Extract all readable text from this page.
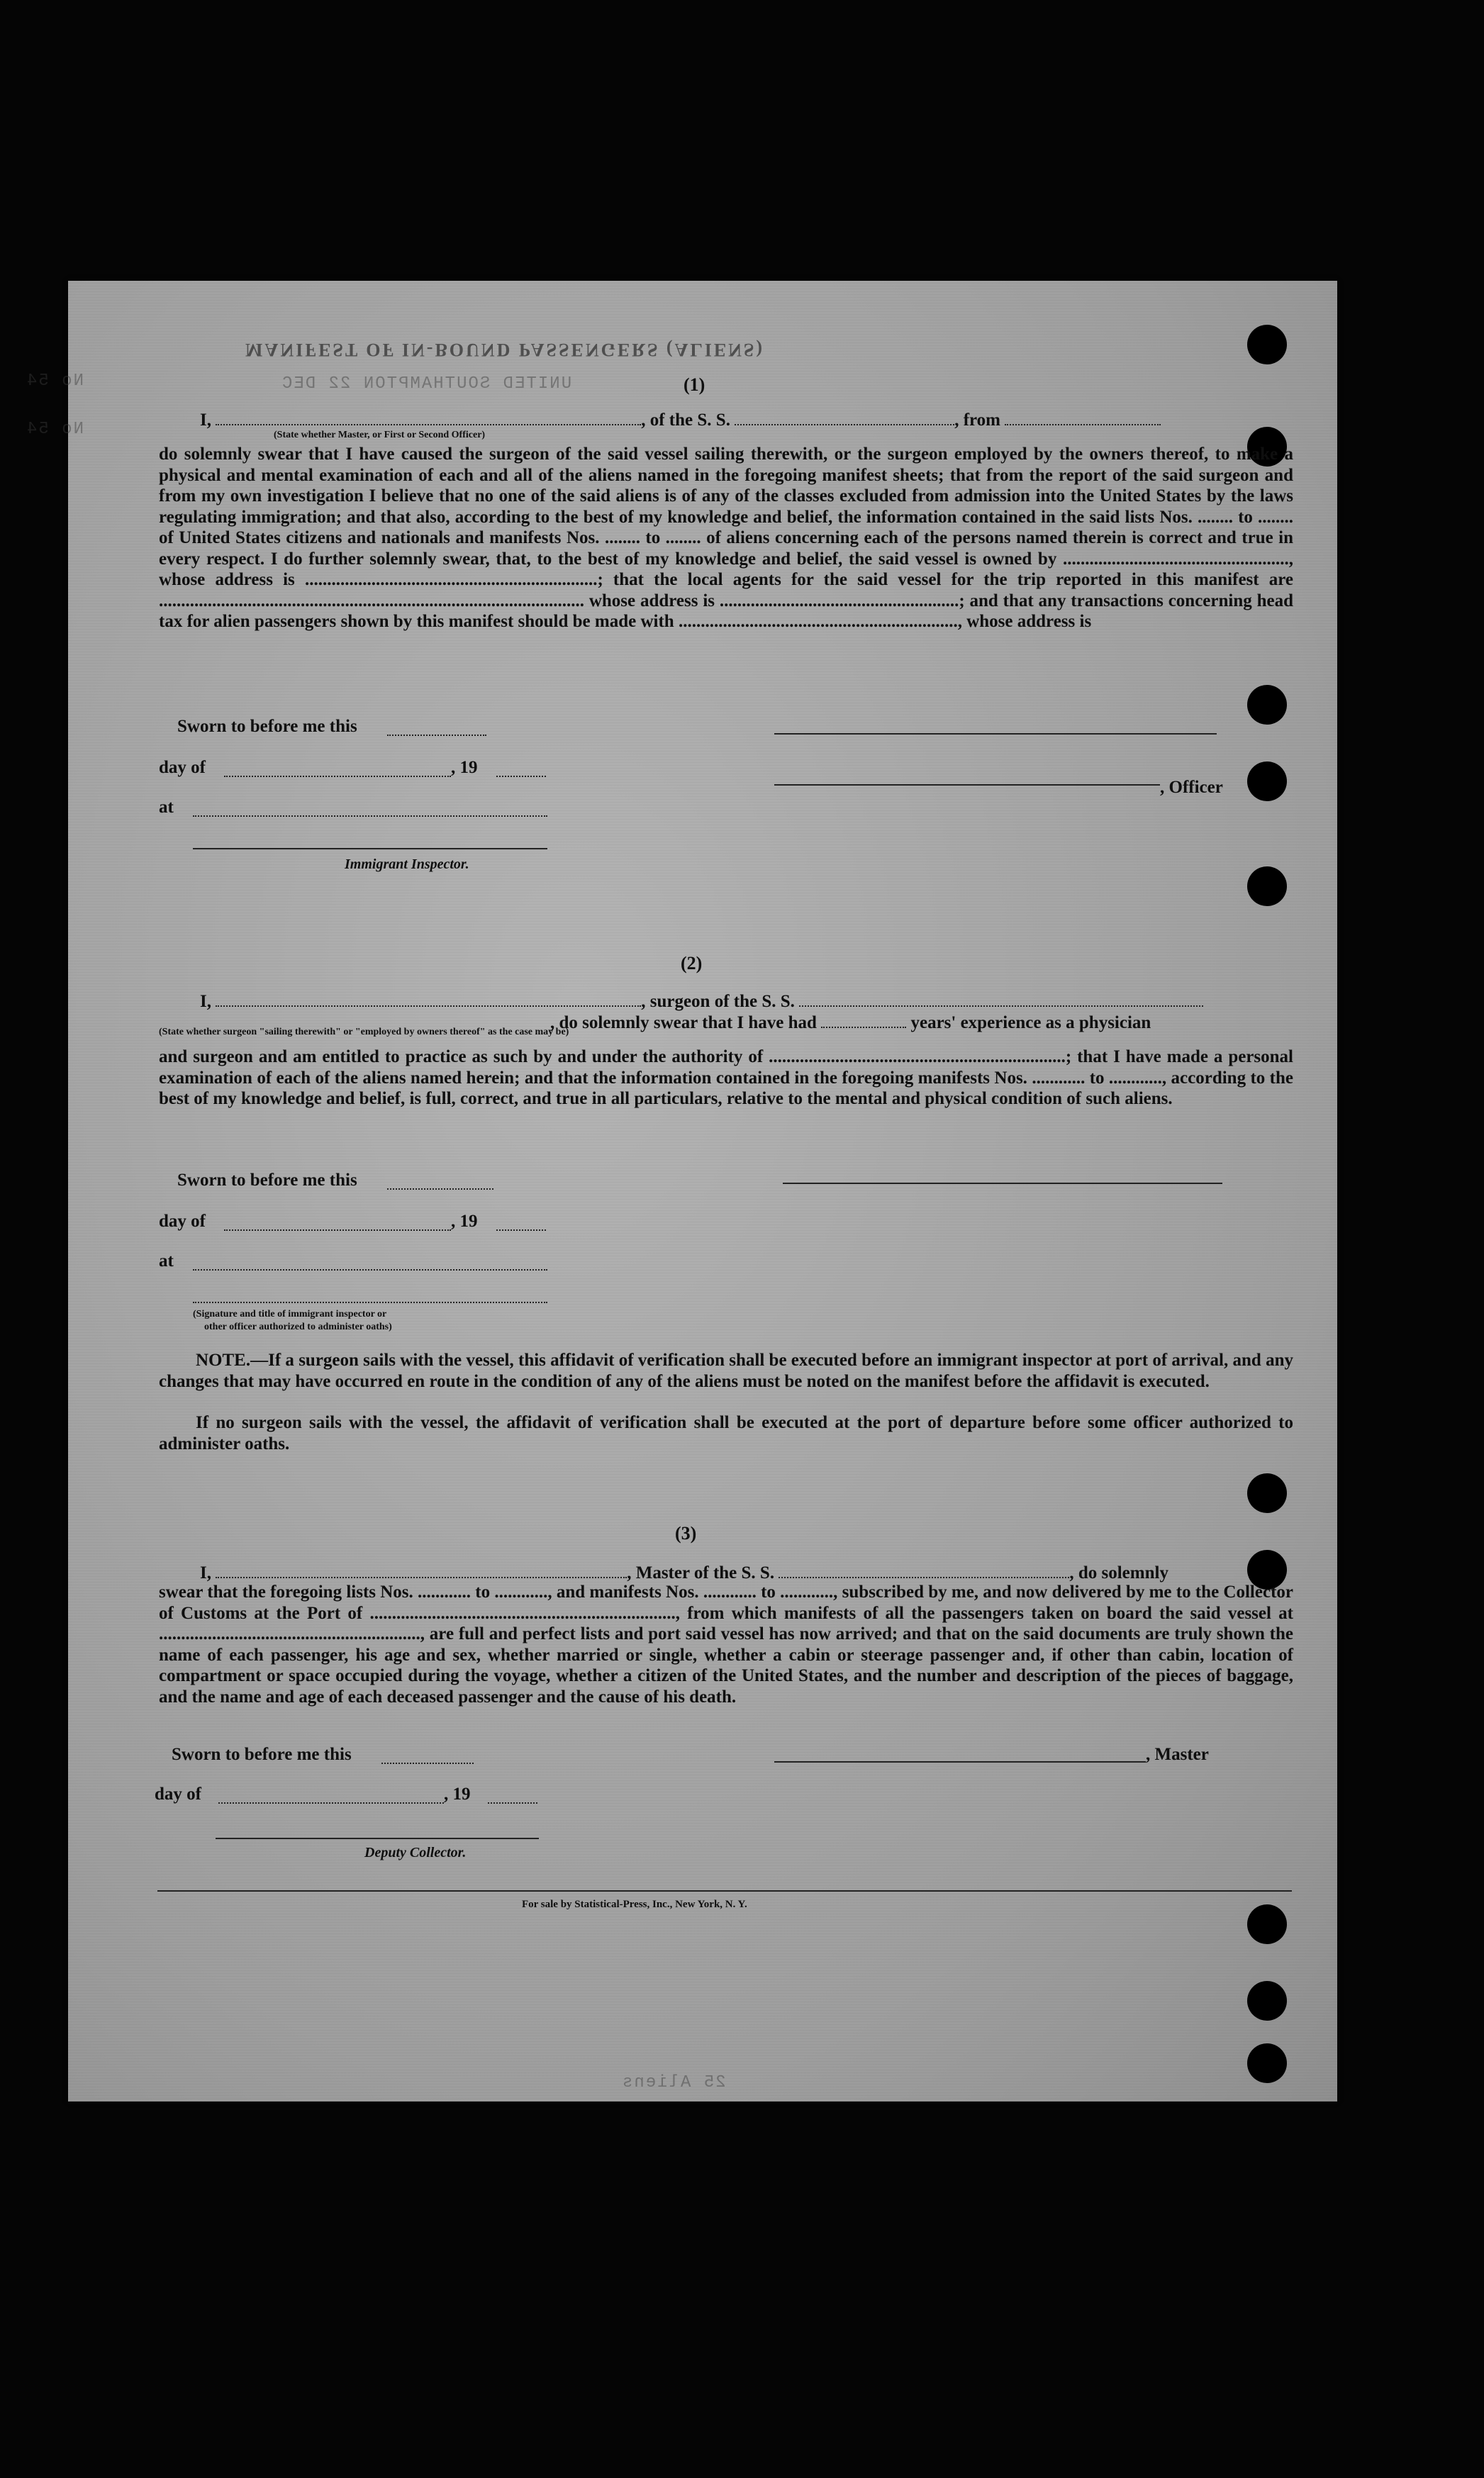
MANIFEST OF IN-BOUND PASSENGERS (ALIENS)
UNITED SOUTHAMPTON 22 DEC
No 54
No 54
(1)
I,	, of the S. S.	, from
(State whether Master, or First or Second Officer)
do solemnly swear that I have caused the surgeon of the said vessel sailing therewith, or the surgeon employed by the owners thereof, to make a physical and mental examination of each and all of the aliens named in the foregoing manifest sheets; that from the report of the said surgeon and from my own investigation I believe that no one of the said aliens is of any of the classes excluded from admission into the United States by the laws regulating immigration; and that also, according to the best of my knowledge and belief, the information contained in the said lists Nos. ........ to ........ of United States citizens and nationals and manifests Nos. ........ to ........ of aliens concerning each of the persons named therein is correct and true in every respect. I do further solemnly swear, that, to the best of my knowledge and belief, the said vessel is owned by ..................................................., whose address is ..................................................................; that the local agents for the said vessel for the trip reported in this manifest are ................................................................................................ whose address is ......................................................; and that any transactions concerning head tax for alien passengers shown by this manifest should be made with ..............................................................., whose address is
Sworn to before me this
day of	, 19
at
, Officer
Immigrant Inspector.
(2)
I,	, surgeon of the S. S.
, do solemnly swear that I have had	years' experience as a physician
(State whether surgeon "sailing therewith" or "employed by owners thereof" as the case may be)
and surgeon and am entitled to practice as such by and under the authority of ...................................................................; that I have made a personal examination of each of the aliens named herein; and that the information contained in the foregoing manifests Nos. ............ to ............, according to the best of my knowledge and belief, is full, correct, and true in all particulars, relative to the mental and physical condition of such aliens.
Sworn to before me this
day of	, 19
at
(Signature and title of immigrant inspector or
other officer authorized to administer oaths)
NOTE.—If a surgeon sails with the vessel, this affidavit of verification shall be executed before an immigrant inspector at port of arrival, and any changes that may have occurred en route in the condition of any of the aliens must be noted on the manifest before the affidavit is executed.
If no surgeon sails with the vessel, the affidavit of verification shall be executed at the port of departure before some officer authorized to administer oaths.
(3)
I,	, Master of the S. S.	, do solemnly
swear that the foregoing lists Nos. ............ to ............, and manifests Nos. ............ to ............, subscribed by me, and now delivered by me to the Collector of Customs at the Port of ....................................................................., from which manifests of all the passengers taken on board the said vessel at ..........................................................., are full and perfect lists and port said vessel has now arrived; and that on the said documents are truly shown the name of each passenger, his age and sex, whether married or single, whether a cabin or steerage passenger and, if other than cabin, location of compartment or space occupied during the voyage, whether a citizen of the United States, and the number and description of the pieces of baggage, and the name and age of each deceased passenger and the cause of his death.
Sworn to before me this
day of	, 19
, Master
Deputy Collector.
For sale by Statistical-Press, Inc., New York, N. Y.
25 Aliens
